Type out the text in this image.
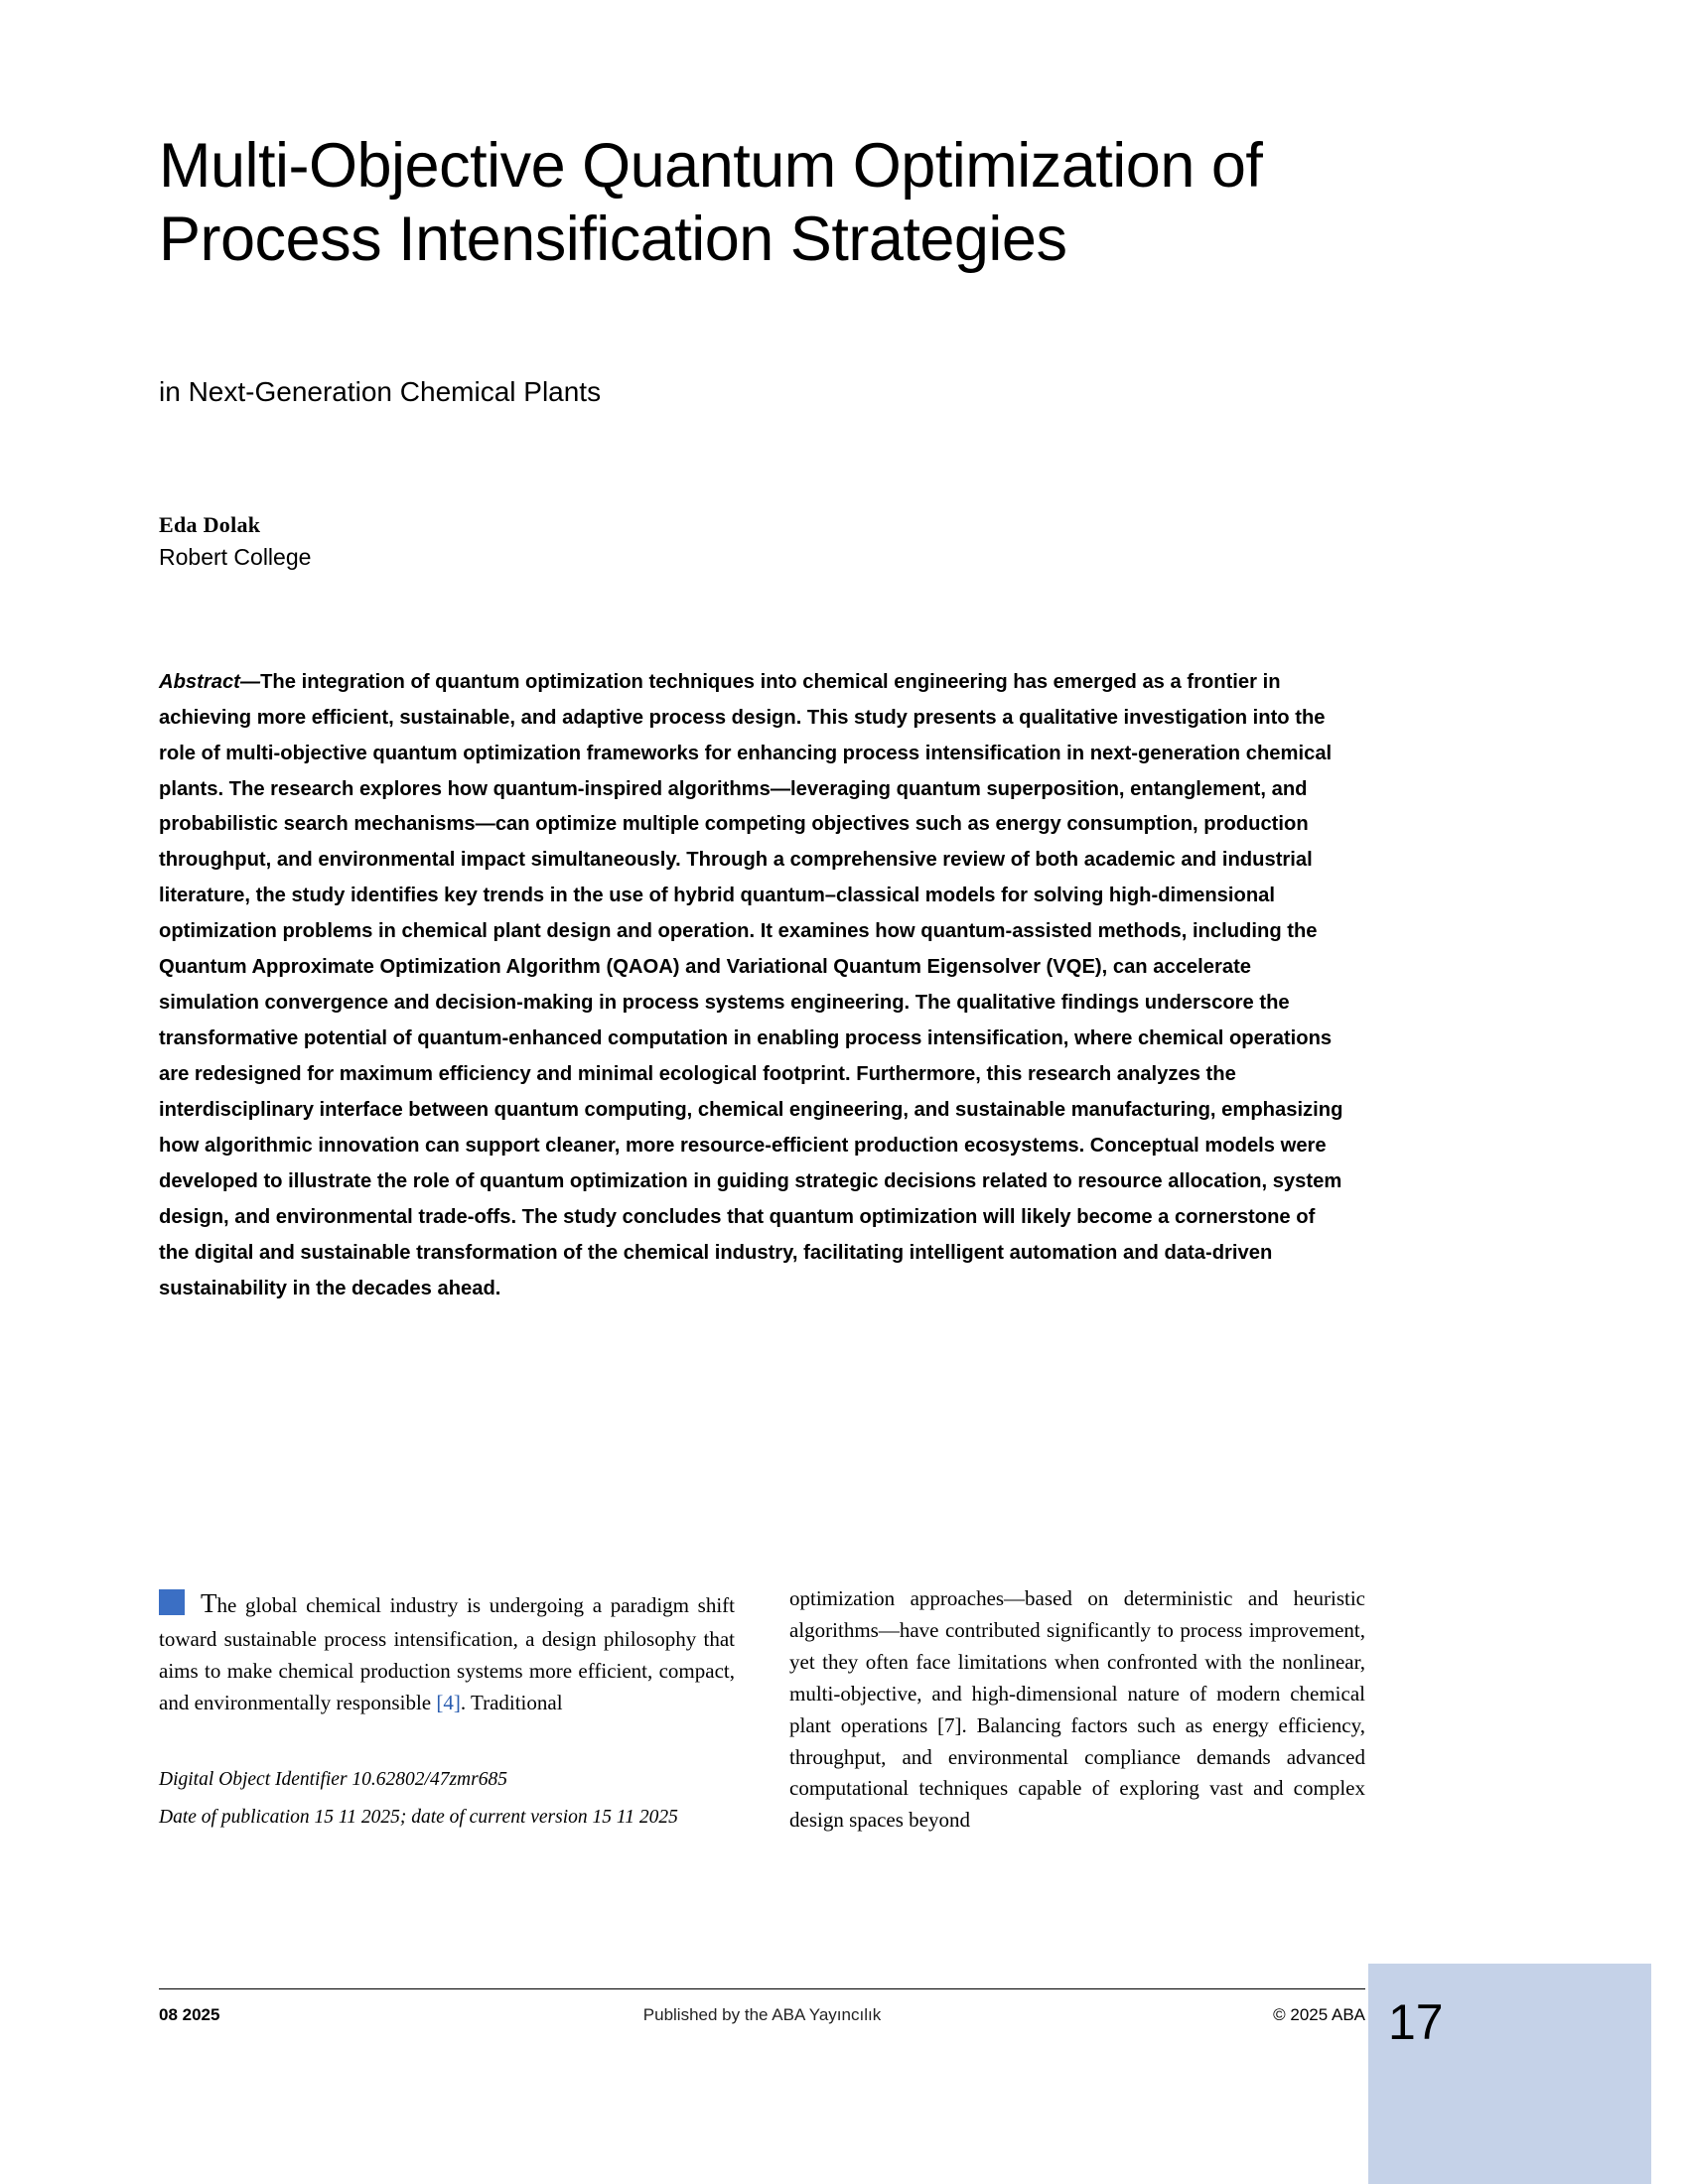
Multi-Objective Quantum Optimization of Process Intensification Strategies

in Next-Generation Chemical Plants

Eda Dolak

Robert College

Abstract—The integration of quantum optimization techniques into chemical engineering has emerged as a frontier in achieving more efficient, sustainable, and adaptive process design. This study presents a qualitative investigation into the role of multi-objective quantum optimization frameworks for enhancing process intensification in next-generation chemical plants. The research explores how quantum-inspired algorithms—leveraging quantum superposition, entanglement, and probabilistic search mechanisms—can optimize multiple competing objectives such as energy consumption, production throughput, and environmental impact simultaneously. Through a comprehensive review of both academic and industrial literature, the study identifies key trends in the use of hybrid quantum–classical models for solving high-dimensional optimization problems in chemical plant design and operation. It examines how quantum-assisted methods, including the Quantum Approximate Optimization Algorithm (QAOA) and Variational Quantum Eigensolver (VQE), can accelerate simulation convergence and decision-making in process systems engineering. The qualitative findings underscore the transformative potential of quantum-enhanced computation in enabling process intensification, where chemical operations are redesigned for maximum efficiency and minimal ecological footprint. Furthermore, this research analyzes the interdisciplinary interface between quantum computing, chemical engineering, and sustainable manufacturing, emphasizing how algorithmic innovation can support cleaner, more resource-efficient production ecosystems. Conceptual models were developed to illustrate the role of quantum optimization in guiding strategic decisions related to resource allocation, system design, and environmental trade-offs. The study concludes that quantum optimization will likely become a cornerstone of the digital and sustainable transformation of the chemical industry, facilitating intelligent automation and data-driven sustainability in the decades ahead.

The global chemical industry is undergoing a paradigm shift toward sustainable process intensification, a design philosophy that aims to make chemical production systems more efficient, compact, and environmentally responsible [4]. Traditional

Digital Object Identifier 10.62802/47zmr685

Date of publication 15 11 2025; date of current version 15 11 2025

optimization approaches—based on deterministic and heuristic algorithms—have contributed significantly to process improvement, yet they often face limitations when confronted with the nonlinear, multi-objective, and high-dimensional nature of modern chemical plant operations [7]. Balancing factors such as energy efficiency, throughput, and environmental compliance demands advanced computational techniques capable of exploring vast and complex design spaces beyond

08 2025	Published by the ABA Yayıncılık	© 2025 ABA 17
